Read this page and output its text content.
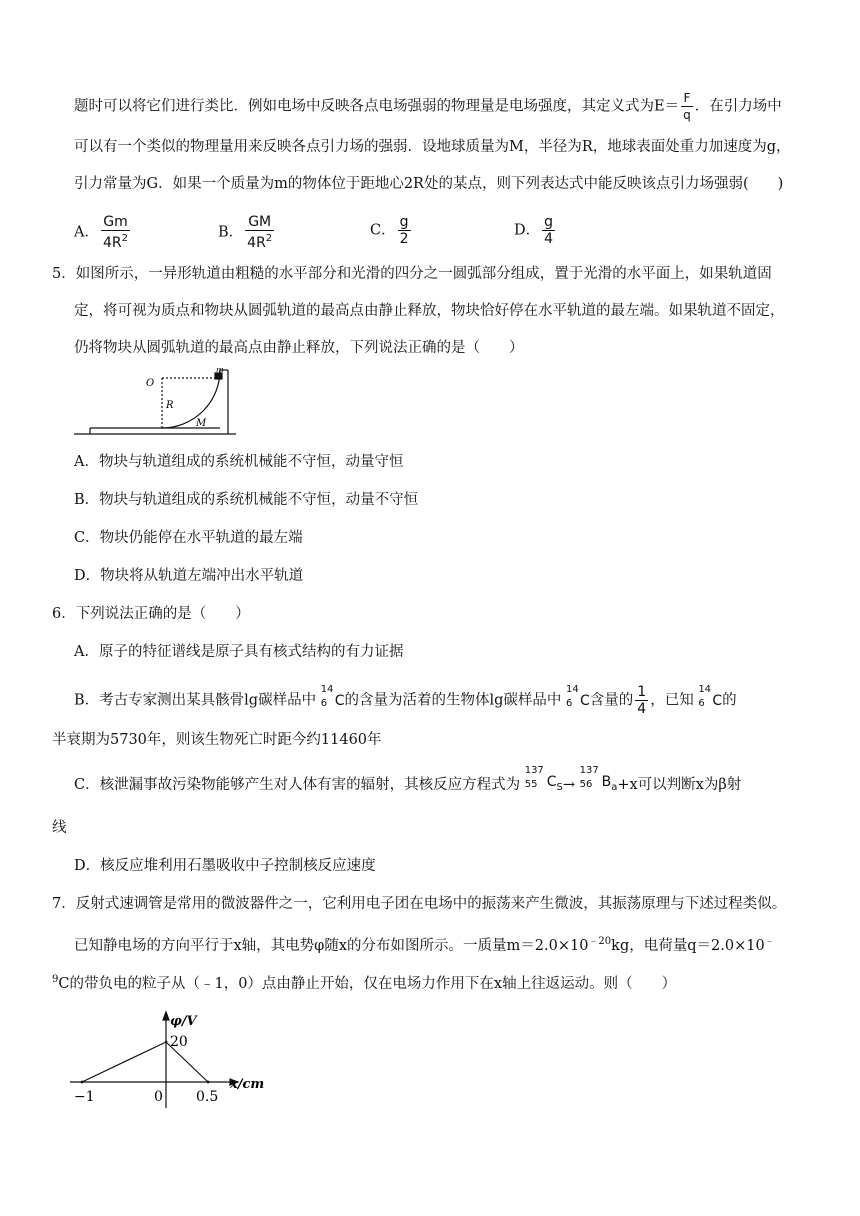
题时可以将它们进行类比．例如电场中反映各点电场强弱的物理量是电场强度，其定义式为$E= \frac{F}{q}$ ．在引力场中
可以有一个类似的物理量用来反映各点引力场的强弱．设地球质量为M，半径为R，地球表面处重力加速度为g，
引力常量为G．如果一个质量为m的物体位于距地心2R处的某点，则下列表达式中能反映该点引力场强弱(　　)
A． $\frac{Gm}{4R^2}$	B． $\frac{GM}{4R^2}$	C． $\frac{g}{2}$	D． $\frac{g}{4}$
5．如图所示，一异形轨道由粗糙的水平部分和光滑的四分之一圆弧部分组成，置于光滑的水平面上，如果轨道固
定，将可视为质点和物块从圆弧轨道的最高点由静止释放，物块恰好停在水平轨道的最左端。如果轨道不固定，
仍将物块从圆弧轨道的最高点由静止释放，下列说法正确的是（　　）
O
R
m
M
A．物块与轨道组成的系统机械能不守恒，动量守恒
B．物块与轨道组成的系统机械能不守恒，动量不守恒
C．物块仍能停在水平轨道的最左端
D．物块将从轨道左端冲出水平轨道
6．下列说法正确的是（　　）
A．原子的特征谱线是原子具有核式结构的有力证据
B．考古专家测出某具骸骨lg碳样品中
14
6 C的含量为活着的生物体lg碳样品中
14
6 C含量的 $\frac{1}{4}$ ，已知
14
6 C的
半衰期为5730年，则该生物死亡时距今约11460年
C．核泄漏事故污染物能够产生对人体有害的辐射，其核反应方程式为
137
55 $C_S\to$
137
56 $B_a+x$可以判断x为β射
线
D．核反应堆利用石墨吸收中子控制核反应速度
7．反射式速调管是常用的微波器件之一，它利用电子团在电场中的振荡来产生微波，其振荡原理与下述过程类似。
已知静电场的方向平行于x轴，其电势φ随x的分布如图所示。一质量$m=2.0\times 10^{﹣20}kg$，电荷量q＝2.0×10﹣
$^9$C的带负电的粒子从（﹣1，0）点由静止开始，仅在电场力作用下在x轴上往返运动。则（　　）
φ/V
x/cm
20
−1	0 0.5
